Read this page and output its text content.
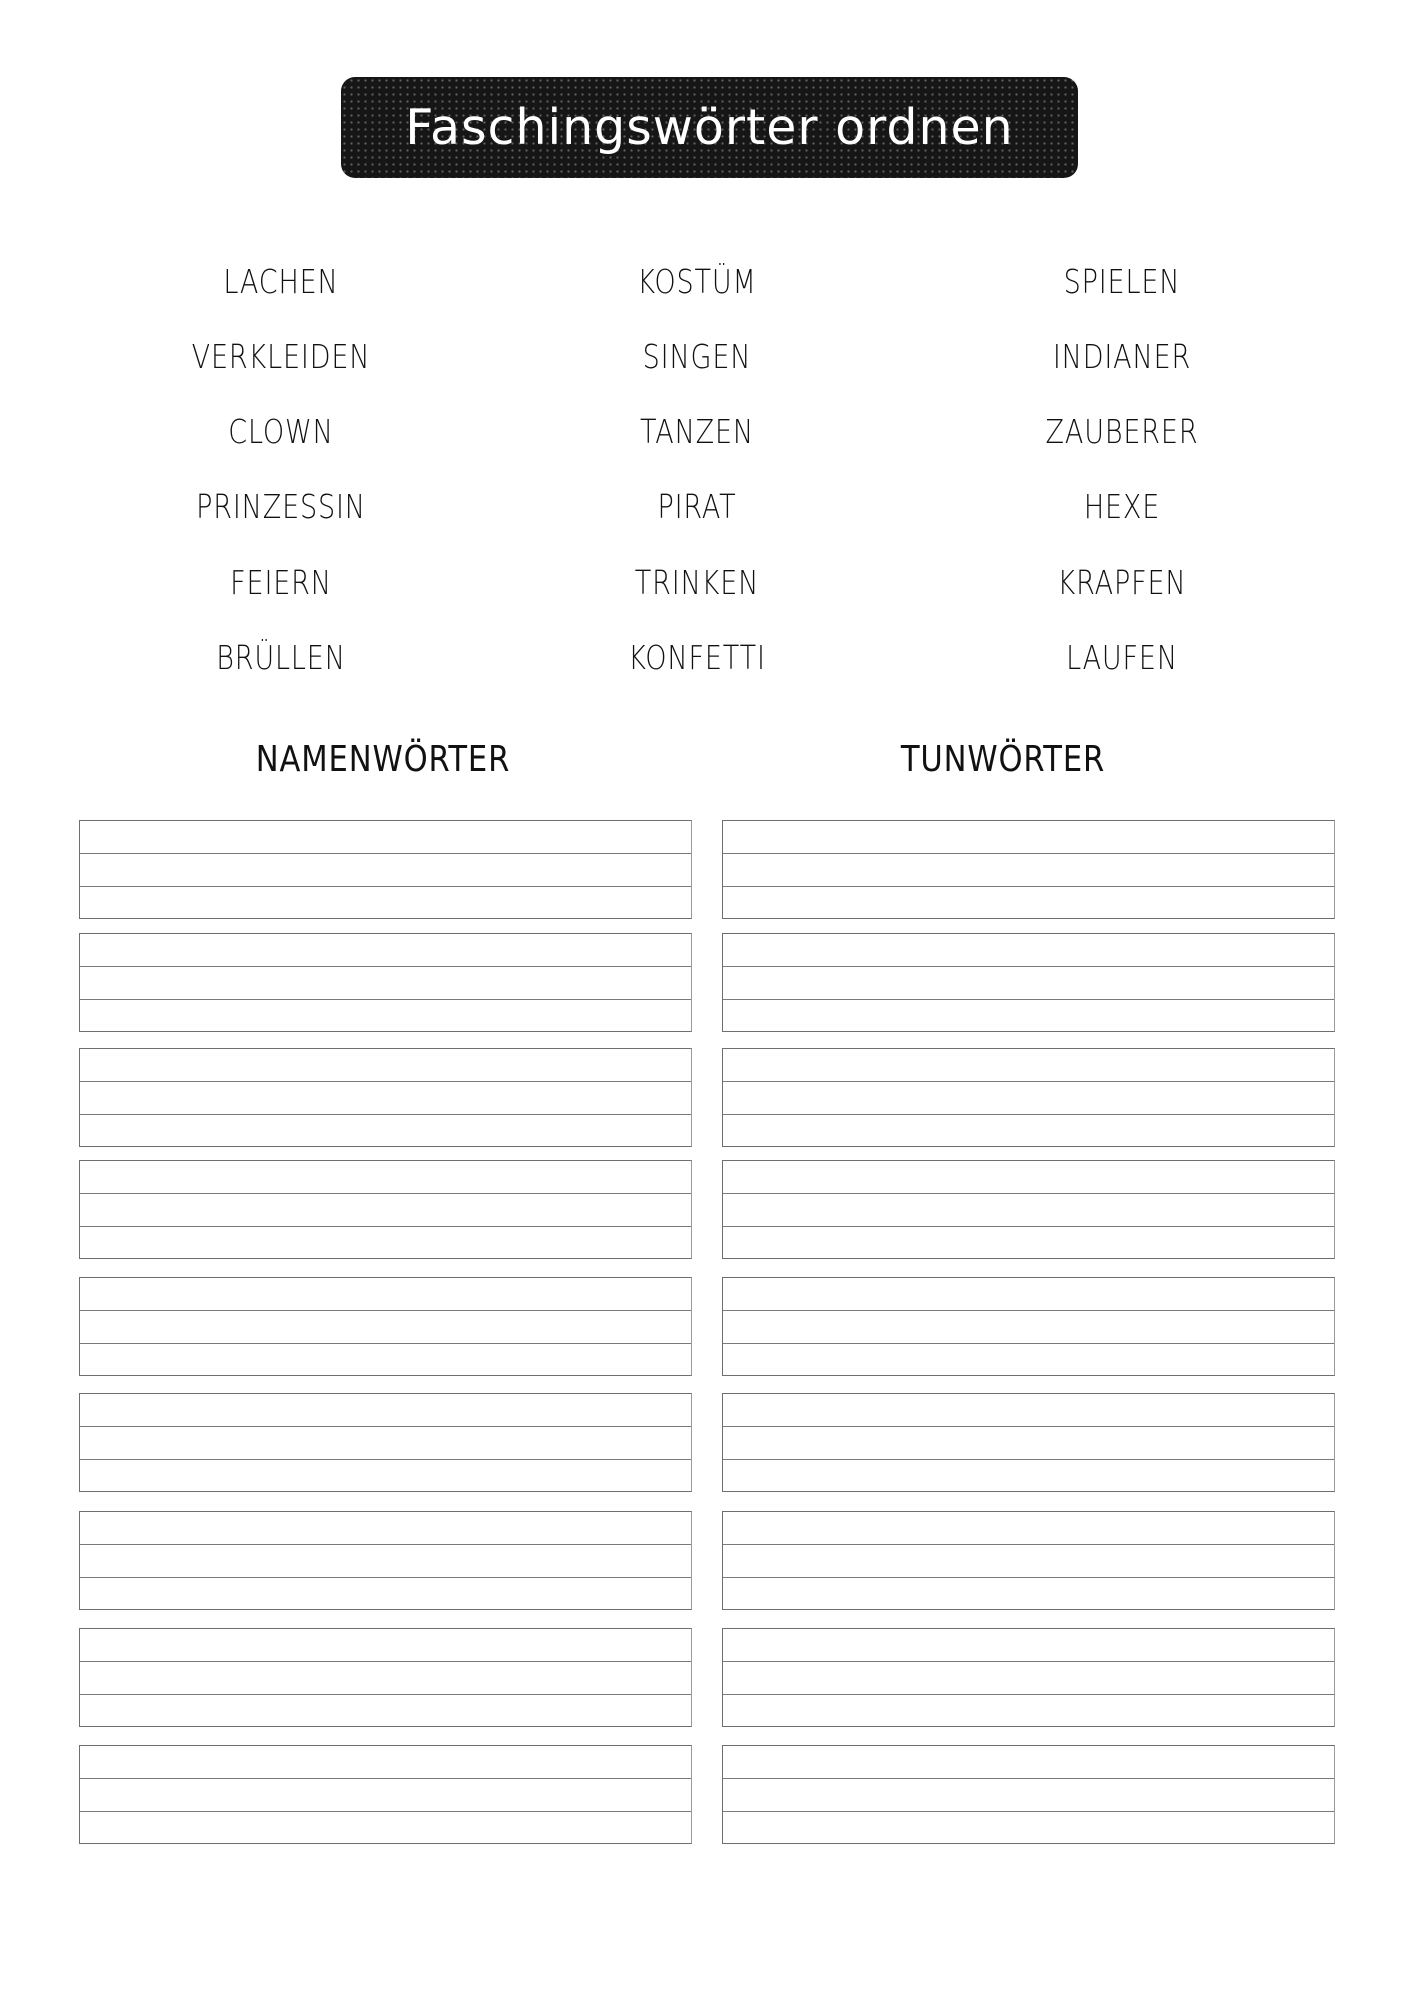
Faschingswörter ordnen
LACHEN
VERKLEIDEN
CLOWN
PRINZESSIN
FEIERN
BRÜLLEN
KOSTÜM
SINGEN
TANZEN
PIRAT
TRINKEN
KONFETTI
SPIELEN
INDIANER
ZAUBERER
HEXE
KRAPFEN
LAUFEN
NAMENWÖRTER	TUNWÖRTER
